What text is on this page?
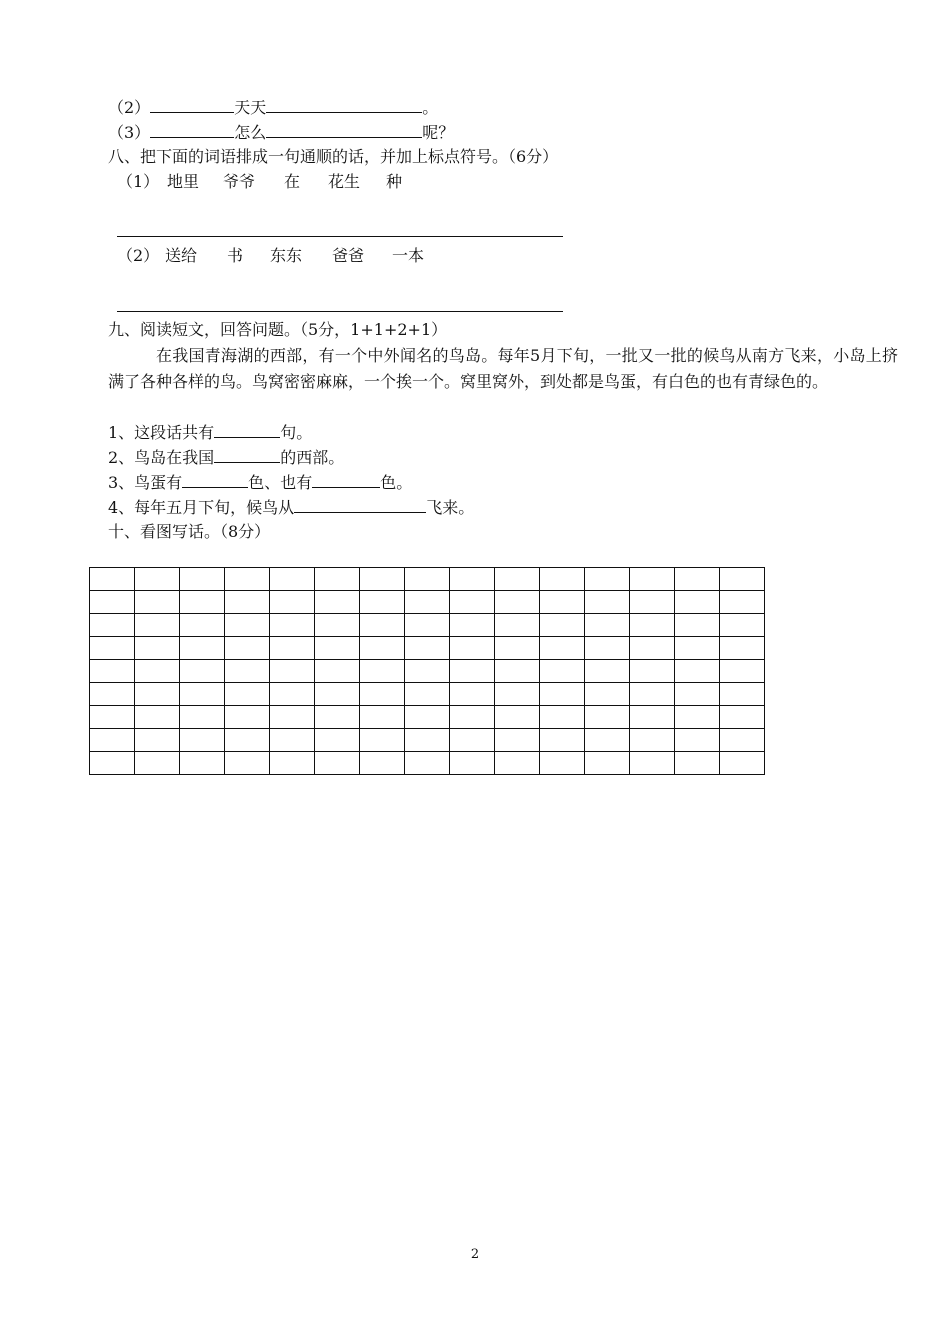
（2）	天天	。
（3）	怎么	呢？
八、把下面的词语排成一句通顺的话，并加上标点符号。（6分）
（1） 地里 爷爷 在 花生 种
（2） 送给 书 东东 爸爸 一本
九、阅读短文，回答问题。（5分，1+1+2+1）
在我国青海湖的西部，有一个中外闻名的鸟岛。每年5月下旬，一批又一批的候鸟从南方飞来，小岛上挤满了各种各样的鸟。鸟窝密密麻麻，一个挨一个。窝里窝外，到处都是鸟蛋，有白色的也有青绿色的。
1、这段话共有	句。
2、鸟岛在我国	的西部。
3、鸟蛋有	色、也有	色。
4、每年五月下旬，候鸟从	飞来。
十、看图写话。（8分）

2
